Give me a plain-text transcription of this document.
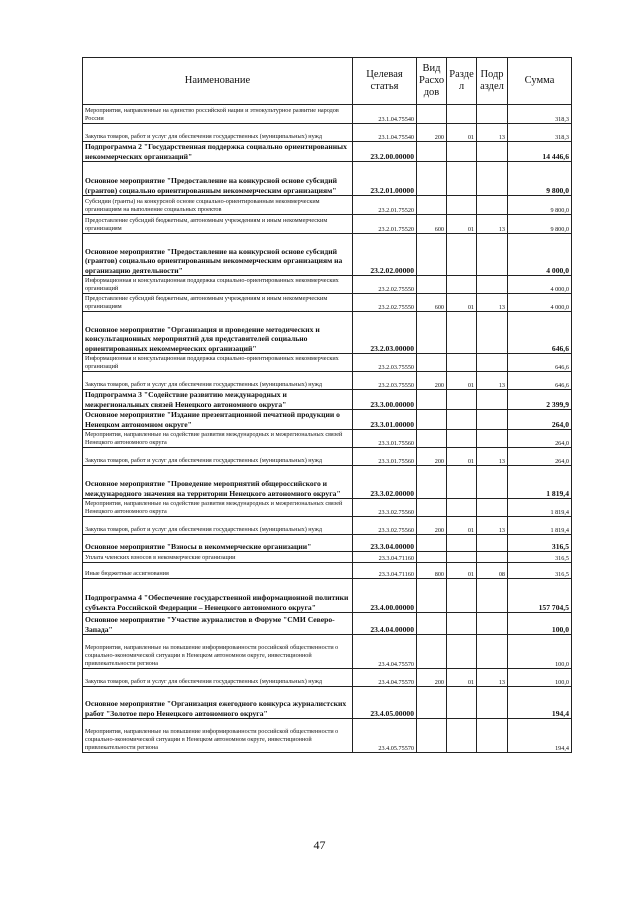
Наименование	Целевая статья	Вид Расхо дов	Разде л	Подр аздел	Сумма
Мероприятия, направленные на единство российской нации и этнокультурное развитие народов России	23.1.04.75540				318,3
Закупка товаров, работ и услуг для обеспечения государственных (муниципальных) нужд	23.1.04.75540	200	01	13	318,3
Подпрограмма 2 "Государственная поддержка социально ориентированных некоммерческих организаций"	23.2.00.00000				14 446,6
Основное мероприятие "Предоставление на конкурсной основе субсидий (грантов) социально ориентированным некоммерческим организациям"	23.2.01.00000				9 800,0
Субсидии (гранты) на конкурсной основе социально-ориентированным некоммерческим организациям на выполнение социальных проектов	23.2.01.75520				9 800,0
Предоставление субсидий бюджетным, автономным учреждениям и иным некоммерческим организациям	23.2.01.75520	600	01	13	9 800,0
Основное мероприятие "Предоставление на конкурсной основе субсидий (грантов) социально ориентированным некоммерческим организациям на организацию деятельности"	23.2.02.00000				4 000,0
Информационная и консультационная поддержка социально-ориентированных некоммерческих организаций	23.2.02.75550				4 000,0
Предоставление субсидий бюджетным, автономным учреждениям и иным некоммерческим организациям	23.2.02.75550	600	01	13	4 000,0
Основное мероприятие "Организация и проведение методических и консультационных мероприятий для представителей социально ориентированных некоммерческих организаций"	23.2.03.00000				646,6
Информационная и консультационная поддержка социально-ориентированных некоммерческих организаций	23.2.03.75550				646,6
Закупка товаров, работ и услуг для обеспечения государственных (муниципальных) нужд	23.2.03.75550	200	01	13	646,6
Подпрограмма 3 "Содействие развитию международных и межрегиональных связей Ненецкого автономного округа"	23.3.00.00000				2 399,9
Основное мероприятие "Издание презентационной печатной продукции о Ненецком автономном округе"	23.3.01.00000				264,0
Мероприятия, направленные на содействие развития международных и межрегиональных связей Ненецкого автономного округа	23.3.01.75560				264,0
Закупка товаров, работ и услуг для обеспечения государственных (муниципальных) нужд	23.3.01.75560	200	01	13	264,0
Основное мероприятие "Проведение мероприятий общероссийского и международного значения на территории Ненецкого автономного округа"	23.3.02.00000				1 819,4
Мероприятия, направленные на содействие развития международных и межрегиональных связей Ненецкого автономного округа	23.3.02.75560				1 819,4
Закупка товаров, работ и услуг для обеспечения государственных (муниципальных) нужд	23.3.02.75560	200	01	13	1 819,4
Основное мероприятие "Взносы в некоммерческие организации"	23.3.04.00000				316,5
Уплата членских взносов в некоммерческие организации	23.3.04.71160				316,5
Иные бюджетные ассигнования	23.3.04.71160	800	01	08	316,5
Подпрограмма 4 "Обеспечение государственной информационной политики субъекта Российской Федерации – Ненецкого автономного округа"	23.4.00.00000				157 704,5
Основное мероприятие "Участие журналистов в Форуме "СМИ Северо-Запада"	23.4.04.00000				100,0
Мероприятия, направленные на повышение информированности российской общественности о социально-экономической ситуации в Ненецком автономном округе, инвестиционной привлекательности региона	23.4.04.75570				100,0
Закупка товаров, работ и услуг для обеспечения государственных (муниципальных) нужд	23.4.04.75570	200	01	13	100,0
Основное мероприятие "Организация ежегодного конкурса журналистских работ "Золотое перо Ненецкого автономного округа"	23.4.05.00000				194,4
Мероприятия, направленные на повышение информированности российской общественности о социально-экономической ситуации в Ненецком автономном округе, инвестиционной привлекательности региона	23.4.05.75570				194,4
47
